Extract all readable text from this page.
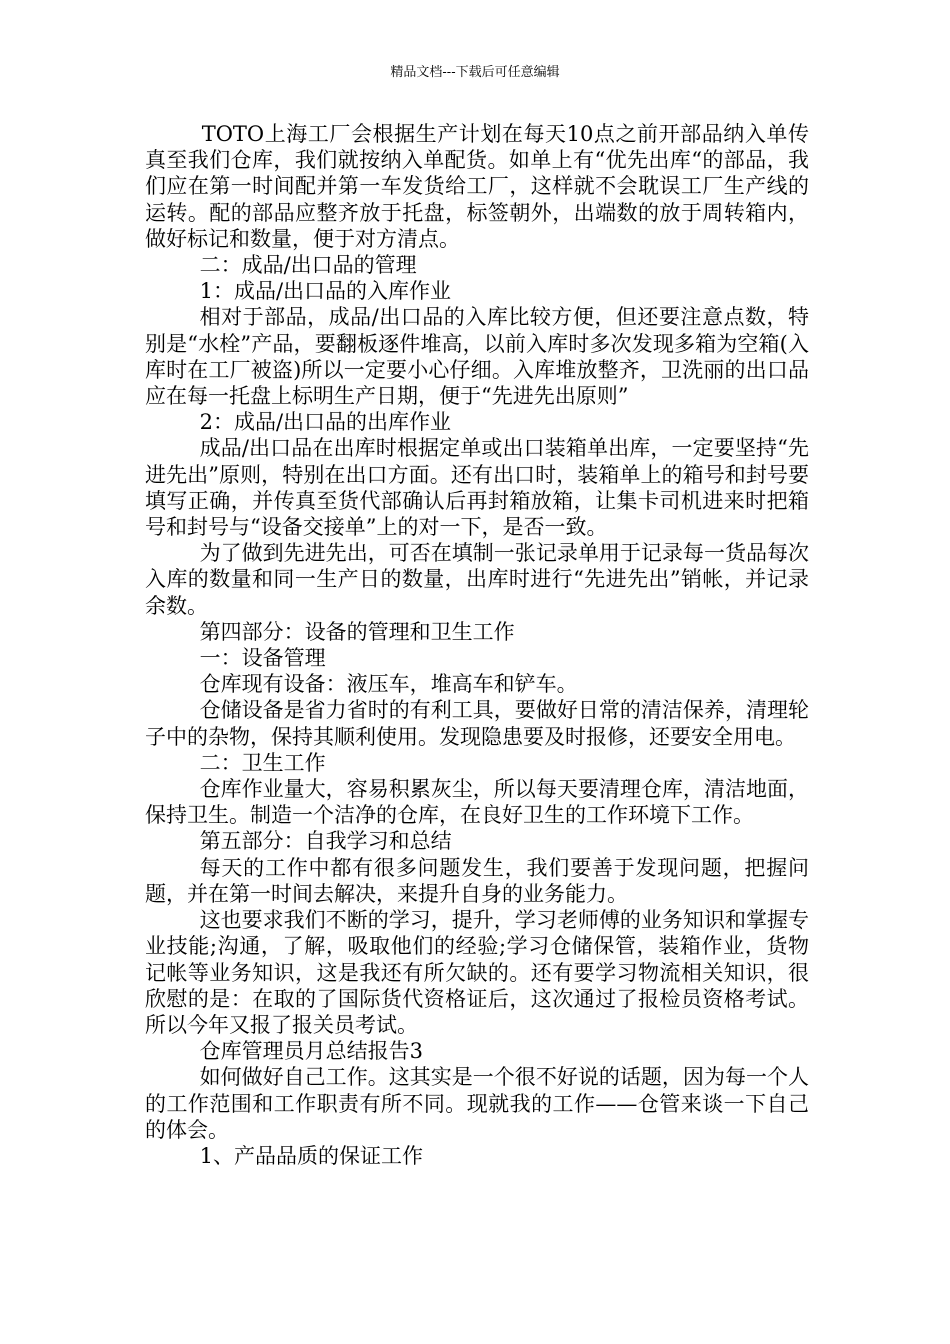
精品文档---下载后可任意编辑

TOTO上海工厂会根据生产计划在每天10点之前开部品纳入单传真至我们仓库，我们就按纳入单配货。如单上有“优先出库“的部品，我们应在第一时间配并第一车发货给工厂，这样就不会耽误工厂生产线的运转。配的部品应整齐放于托盘，标签朝外，出端数的放于周转箱内，做好标记和数量，便于对方清点。

二：成品/出口品的管理

1：成品/出口品的入库作业

相对于部品，成品/出口品的入库比较方便，但还要注意点数，特别是“水栓”产品，要翻板逐件堆高，以前入库时多次发现多箱为空箱(入库时在工厂被盗)所以一定要小心仔细。入库堆放整齐，卫洗丽的出口品应在每一托盘上标明生产日期，便于“先进先出原则”

2：成品/出口品的出库作业

成品/出口品在出库时根据定单或出口装箱单出库，一定要坚持“先进先出”原则，特别在出口方面。还有出口时，装箱单上的箱号和封号要填写正确，并传真至货代部确认后再封箱放箱，让集卡司机进来时把箱号和封号与“设备交接单”上的对一下，是否一致。

为了做到先进先出，可否在填制一张记录单用于记录每一货品每次入库的数量和同一生产日的数量，出库时进行“先进先出”销帐，并记录余数。

第四部分：设备的管理和卫生工作

一：设备管理

仓库现有设备：液压车，堆高车和铲车。

仓储设备是省力省时的有利工具，要做好日常的清洁保养，清理轮子中的杂物，保持其顺利使用。发现隐患要及时报修，还要安全用电。

二：卫生工作

仓库作业量大，容易积累灰尘，所以每天要清理仓库，清洁地面，保持卫生。制造一个洁净的仓库，在良好卫生的工作环境下工作。

第五部分：自我学习和总结

每天的工作中都有很多问题发生，我们要善于发现问题，把握问题，并在第一时间去解决，来提升自身的业务能力。

这也要求我们不断的学习，提升，学习老师傅的业务知识和掌握专业技能;沟通，了解，吸取他们的经验;学习仓储保管，装箱作业，货物记帐等业务知识，这是我还有所欠缺的。还有要学习物流相关知识，很欣慰的是：在取的了国际货代资格证后，这次通过了报检员资格考试。所以今年又报了报关员考试。

仓库管理员月总结报告3

如何做好自己工作。这其实是一个很不好说的话题，因为每一个人的工作范围和工作职责有所不同。现就我的工作——仓管来谈一下自己的体会。

1、产品品质的保证工作
